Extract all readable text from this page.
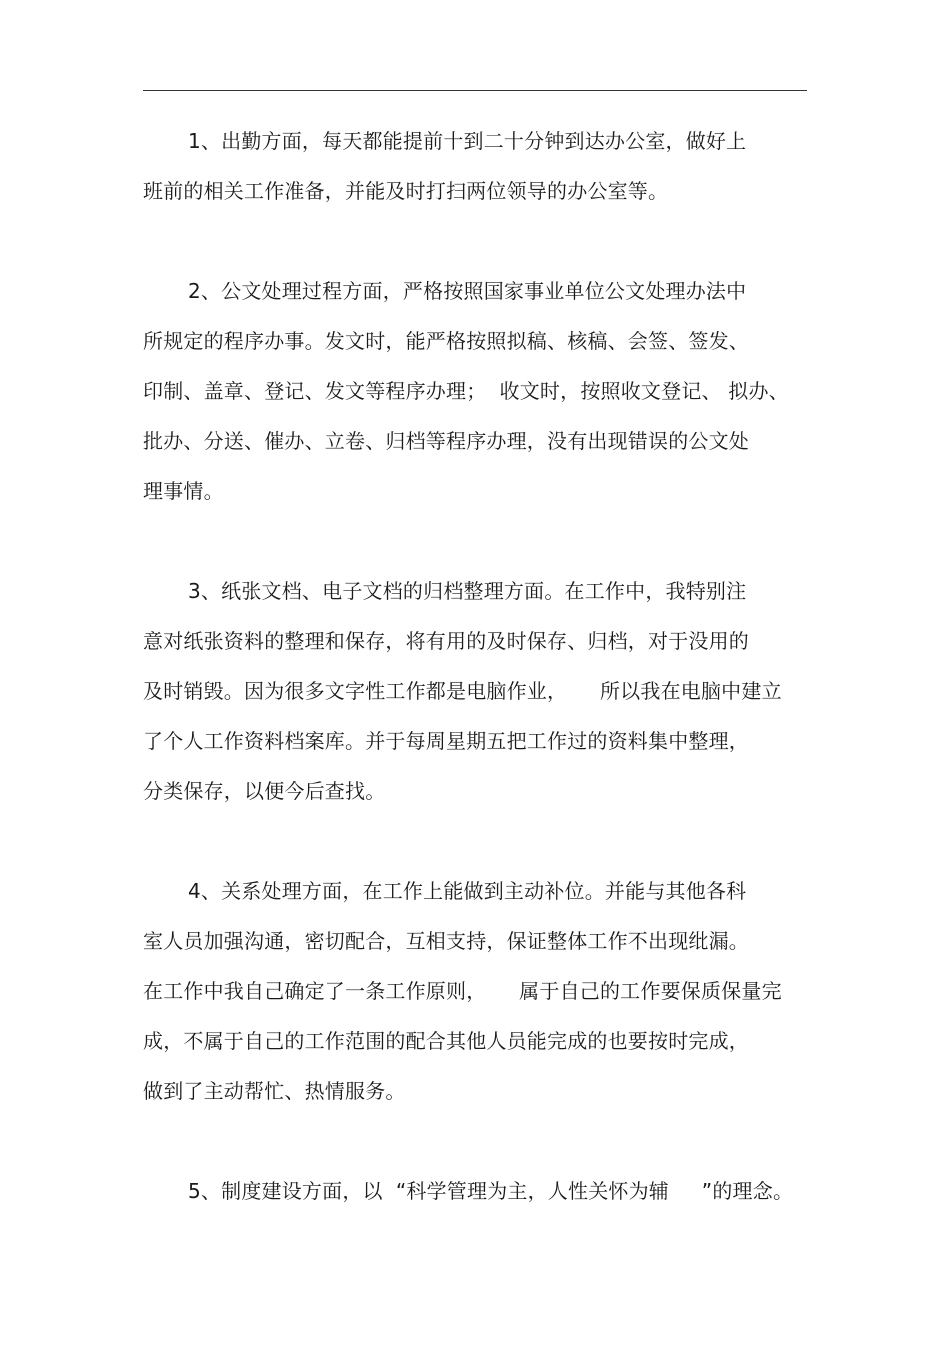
1、出勤方面，每天都能提前十到二十分钟到达办公室，做好上
班前的相关工作准备，并能及时打扫两位领导的办公室等。
2、公文处理过程方面，严格按照国家事业单位公文处理办法中
所规定的程序办事。发文时，能严格按照拟稿、核稿、会签、签发、
印制、盖章、登记、发文等程序办理；  收文时，按照收文登记、 拟办、
批办、分送、催办、立卷、归档等程序办理，没有出现错误的公文处
理事情。
3、纸张文档、电子文档的归档整理方面。在工作中，我特别注
意对纸张资料的整理和保存，将有用的及时保存、归档，对于没用的
及时销毁。因为很多文字性工作都是电脑作业，     所以我在电脑中建立
了个人工作资料档案库。并于每周星期五把工作过的资料集中整理，
分类保存，以便今后查找。
4、关系处理方面，在工作上能做到主动补位。并能与其他各科
室人员加强沟通，密切配合，互相支持，保证整体工作不出现纰漏。
在工作中我自己确定了一条工作原则，     属于自己的工作要保质保量完
成，不属于自己的工作范围的配合其他人员能完成的也要按时完成，
做到了主动帮忙、热情服务。
5、制度建设方面，以  “科学管理为主，人性关怀为辅     ”的理念。
